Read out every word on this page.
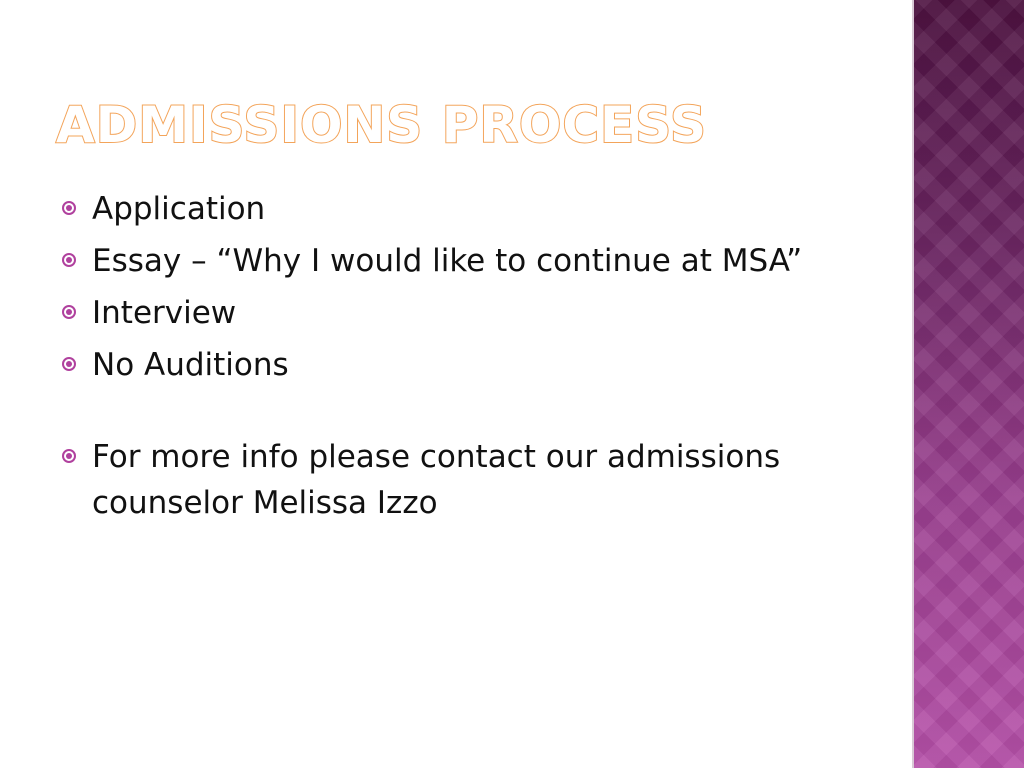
ADMISSIONS PROCESS
Application
Essay – “Why I would like to continue at MSA”
Interview
No Auditions
For more info please contact our admissions counselor Melissa Izzo
